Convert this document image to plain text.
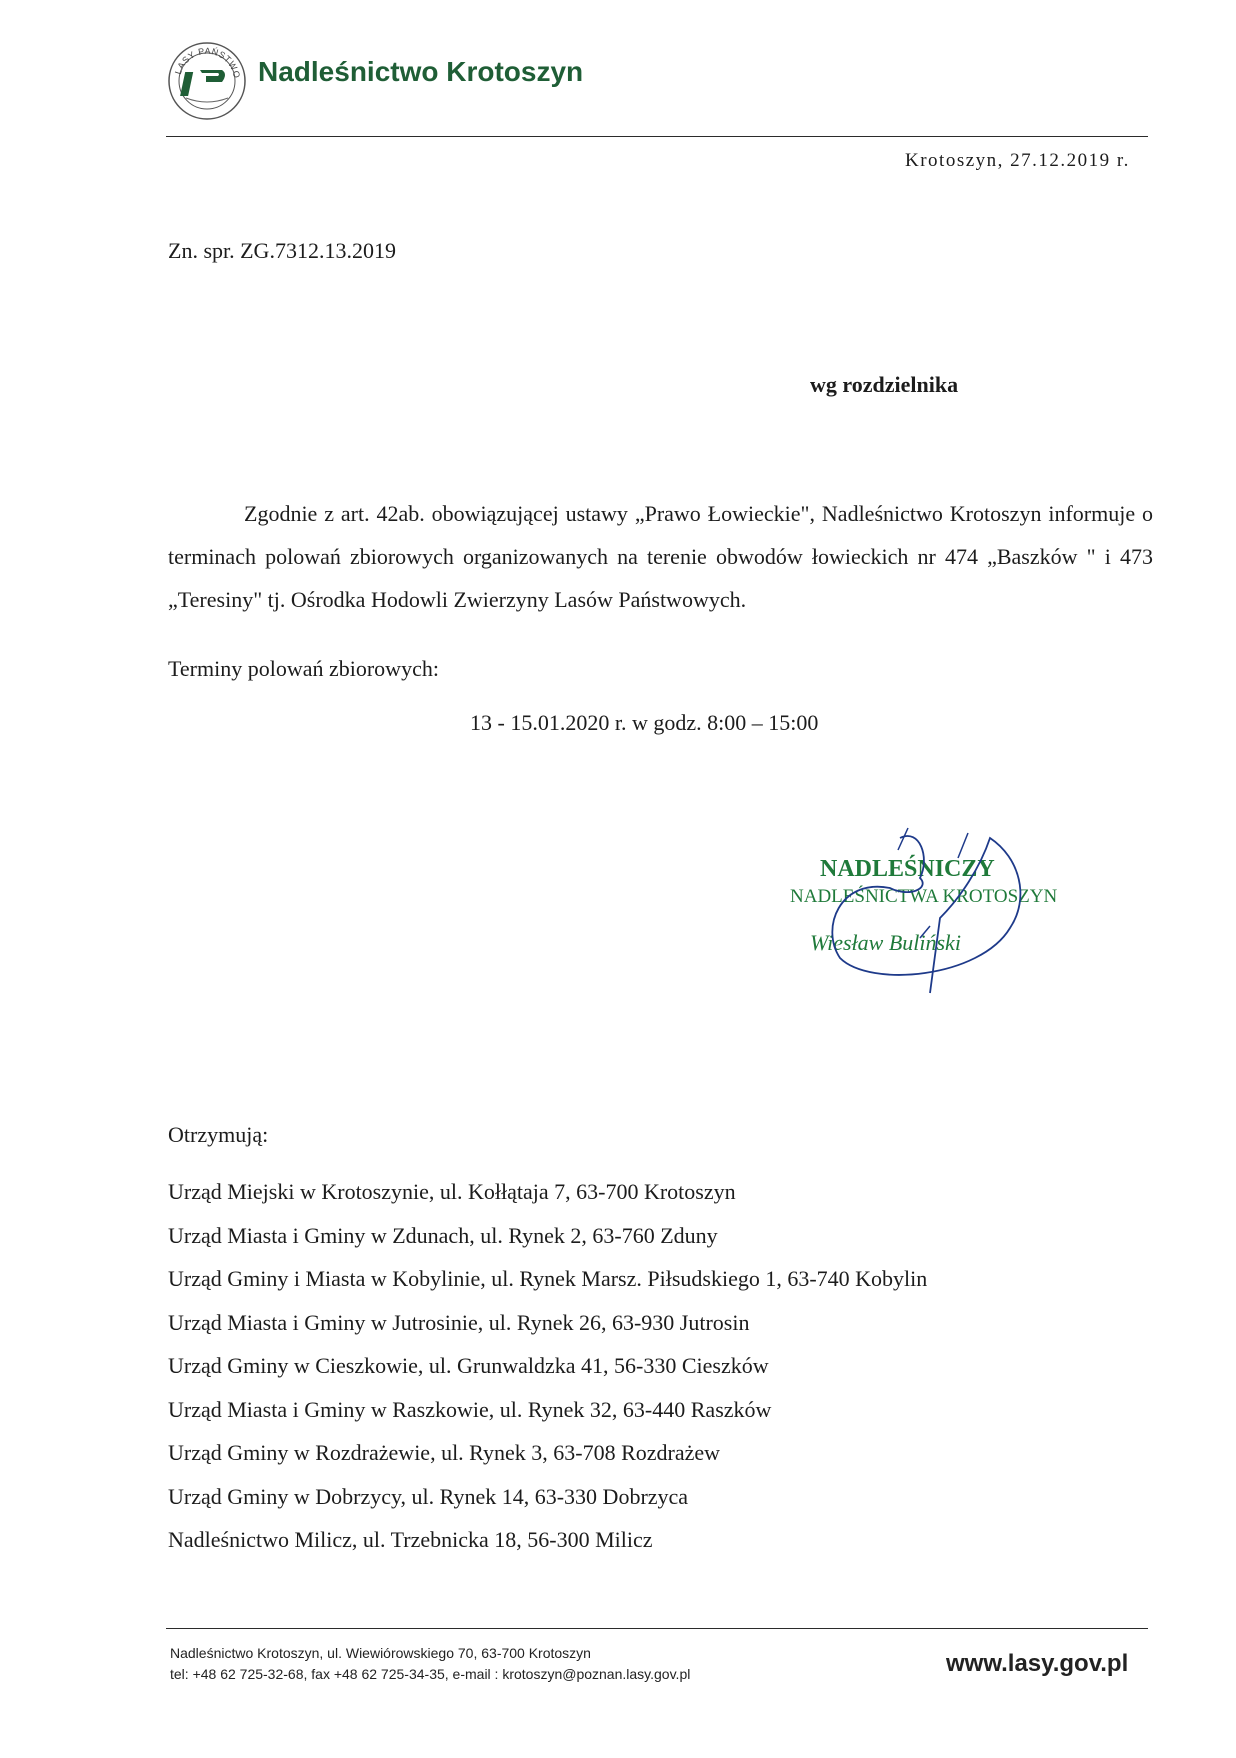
LASY PAŃSTWO Nadleśnictwo Krotoszyn
Krotoszyn, 27.12.2019 r.
Zn. spr. ZG.7312.13.2019
wg rozdzielnika

Zgodnie z art. 42ab. obowiązującej ustawy „Prawo Łowieckie", Nadleśnictwo Krotoszyn informuje o terminach polowań zbiorowych organizowanych na terenie obwodów łowieckich nr 474 „Baszków " i 473 „Teresiny" tj. Ośrodka Hodowli Zwierzyny Lasów Państwowych.

Terminy polowań zbiorowych:
13 - 15.01.2020 r. w godz. 8:00 – 15:00
NADLEŚNICZY
NADLEŚNICTWA KROTOSZYN
Wiesław Buliński
Otrzymują:
Urząd Miejski w Krotoszynie, ul. Kołłątaja 7, 63-700 Krotoszyn
Urząd Miasta i Gminy w Zdunach, ul. Rynek 2, 63-760 Zduny
Urząd Gminy i Miasta w Kobylinie, ul. Rynek Marsz. Piłsudskiego 1, 63-740 Kobylin
Urząd Miasta i Gminy w Jutrosinie, ul. Rynek 26, 63-930 Jutrosin
Urząd Gminy w Cieszkowie, ul. Grunwaldzka 41, 56-330 Cieszków
Urząd Miasta i Gminy w Raszkowie, ul. Rynek 32, 63-440 Raszków
Urząd Gminy w Rozdrażewie, ul. Rynek 3, 63-708 Rozdrażew
Urząd Gminy w Dobrzycy, ul. Rynek 14, 63-330 Dobrzyca
Nadleśnictwo Milicz, ul. Trzebnicka 18, 56-300 Milicz
Nadleśnictwo Krotoszyn, ul. Wiewiórowskiego 70, 63-700 Krotoszyn
tel: +48 62 725-32-68, fax +48 62 725-34-35, e-mail : krotoszyn@poznan.lasy.gov.pl	www.lasy.gov.pl
